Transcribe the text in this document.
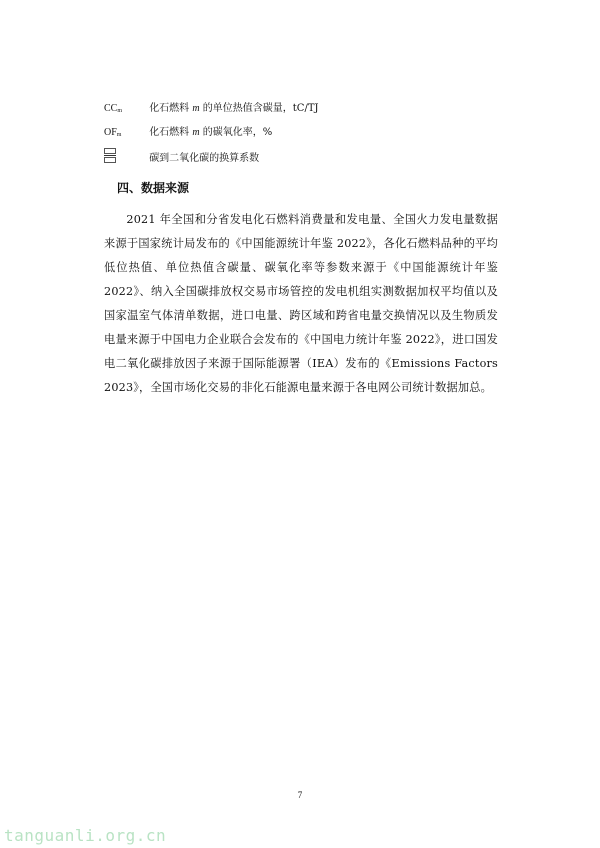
$CC_m$	化石燃料 m 的单位热值含碳量，tC/TJ
$OF_m$	化石燃料 m 的碳氧化率，%
碳到二氧化碳的换算系数
四、数据来源
2021 年全国和分省发电化石燃料消费量和发电量、全国火力发电量数据来源于国家统计局发布的《中国能源统计年鉴 2022》，各化石燃料品种的平均低位热值、单位热值含碳量、碳氧化率等参数来源于《中国能源统计年鉴 2022》、纳入全国碳排放权交易市场管控的发电机组实测数据加权平均值以及国家温室气体清单数据，进口电量、跨区域和跨省电量交换情况以及生物质发电量来源于中国电力企业联合会发布的《中国电力统计年鉴 2022》，进口国发电二氧化碳排放因子来源于国际能源署（IEA）发布的《Emissions Factors 2023》，全国市场化交易的非化石能源电量来源于各电网公司统计数据加总。
7
tanguanli.org.cn
